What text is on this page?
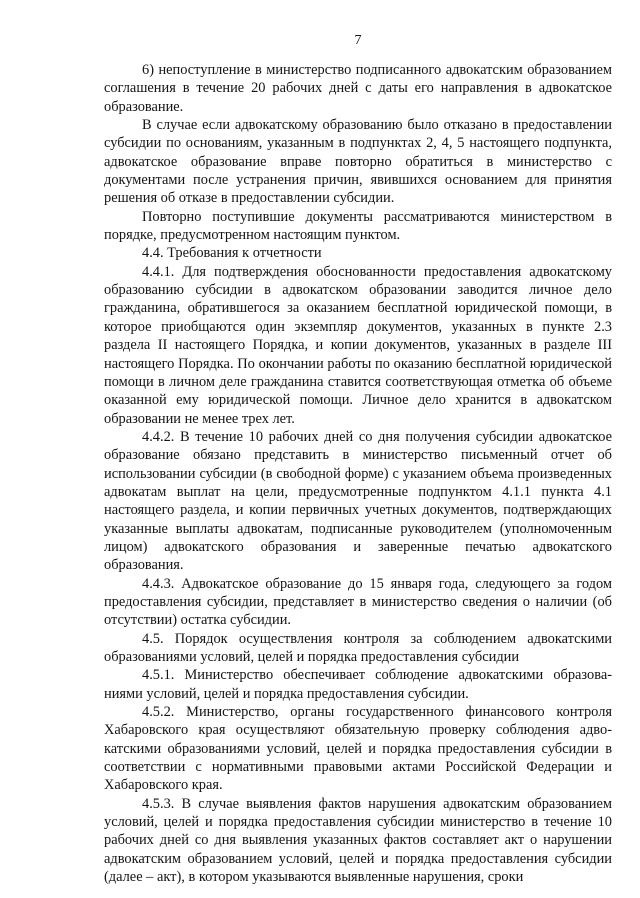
7

6) непоступление в министерство подписанного адвокатским образованием соглашения в течение 20 рабочих дней с даты его направления в адвокатское образование.

В случае если адвокатскому образованию было отказано в предоставлении субсидии по основаниям, указанным в подпунктах 2, 4, 5 настоящего подпункта, адвокатское образование вправе повторно обратиться в министерство с документами после устранения причин, явившихся основанием для принятия решения об отказе в предоставлении субсидии.

Повторно поступившие документы рассматриваются министерством в порядке, предусмотренном настоящим пунктом.

4.4. Требования к отчетности

4.4.1. Для подтверждения обоснованности предоставления адвокатскому образованию субсидии в адвокатском образовании заводится личное дело гражданина, обратившегося за оказанием бесплатной юридической помощи, в которое приобщаются один экземпляр документов, указанных в пункте 2.3 раздела II настоящего Порядка, и копии документов, указанных в разделе III настоящего Порядка. По окончании работы по оказанию бесплатной юридической помощи в личном деле гражданина ставится соответствующая отметка об объеме оказанной ему юридической помощи. Личное дело хранится в адвокатском образовании не менее трех лет.

4.4.2. В течение 10 рабочих дней со дня получения субсидии адвокатское образование обязано представить в министерство письменный отчет об использовании субсидии (в свободной форме) с указанием объема произведенных адвокатам выплат на цели, предусмотренные подпунктом 4.1.1 пункта 4.1 настоящего раздела, и копии первичных учетных документов, подтверждающих указанные выплаты адвокатам, подписанные руководителем (уполномоченным лицом) адвокатского образования и заверенные печатью адвокатского образования.

4.4.3. Адвокатское образование до 15 января года, следующего за годом предоставления субсидии, представляет в министерство сведения о наличии (об отсутствии) остатка субсидии.

4.5. Порядок осуществления контроля за соблюдением адвокатскими образованиями условий, целей и порядка предоставления субсидии

4.5.1. Министерство обеспечивает соблюдение адвокатскими образованиями условий, целей и порядка предоставления субсидии.

4.5.2. Министерство, органы государственного финансового контроля Хабаровского края осуществляют обязательную проверку соблюдения адвокатскими образованиями условий, целей и порядка предоставления субсидии в соответствии с нормативными правовыми актами Российской Федерации и Хабаровского края.

4.5.3. В случае выявления фактов нарушения адвокатским образованием условий, целей и порядка предоставления субсидии министерство в течение 10 рабочих дней со дня выявления указанных фактов составляет акт о нарушении адвокатским образованием условий, целей и порядка предоставления субсидии (далее – акт), в котором указываются выявленные нарушения, сроки
